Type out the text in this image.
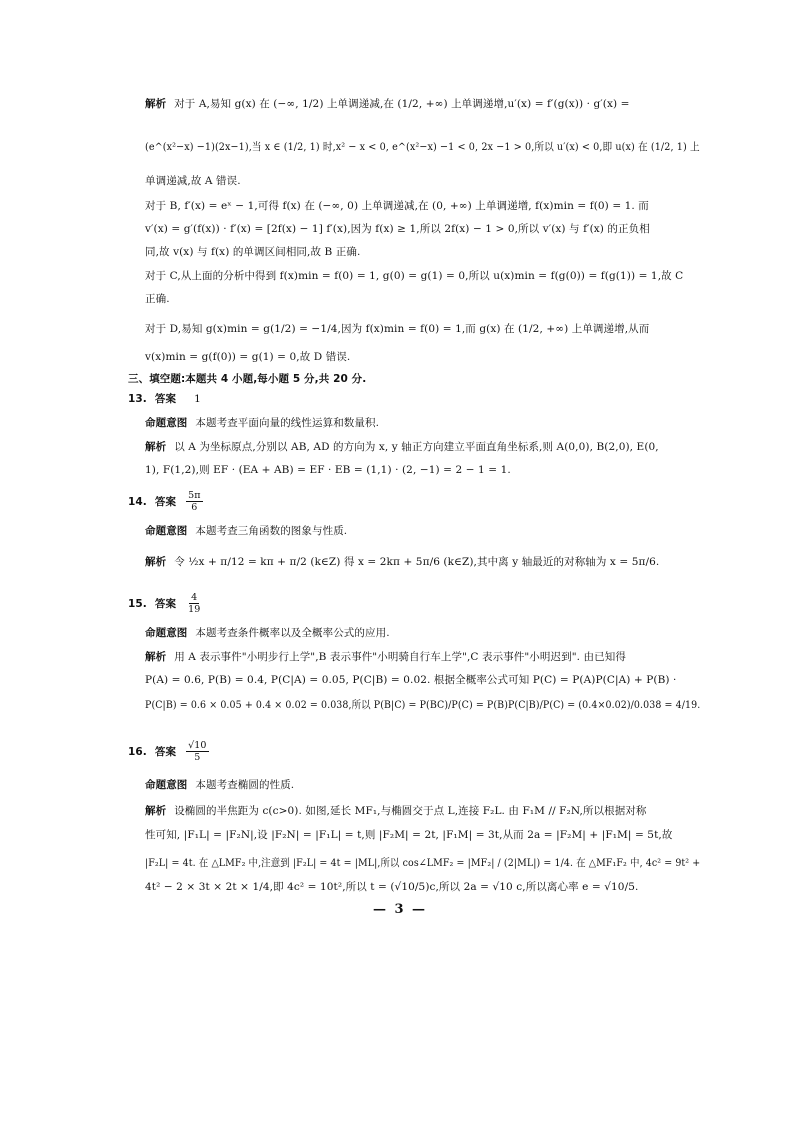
解析 对于 A,易知 g(x) 在 (−∞, 1/2) 上单调递减,在 (1/2, +∞) 上单调递增,u′(x) = f′(g(x)) · g′(x) =
(e^(x²−x) −1)(2x−1),当 x ∈ (1/2, 1) 时,x² − x < 0, e^(x²−x) −1 < 0, 2x −1 > 0,所以 u′(x) < 0,即 u(x) 在 (1/2, 1) 上
单调递减,故 A 错误.
对于 B, f′(x) = eˣ − 1,可得 f(x) 在 (−∞, 0) 上单调递减,在 (0, +∞) 上单调递增, f(x)min = f(0) = 1. 而
v′(x) = g′(f(x)) · f′(x) = [2f(x) − 1] f′(x),因为 f(x) ≥ 1,所以 2f(x) − 1 > 0,所以 v′(x) 与 f′(x) 的正负相
同,故 v(x) 与 f(x) 的单调区间相同,故 B 正确.
对于 C,从上面的分析中得到 f(x)min = f(0) = 1, g(0) = g(1) = 0,所以 u(x)min = f(g(0)) = f(g(1)) = 1,故 C
正确.
对于 D,易知 g(x)min = g(1/2) = −1/4,因为 f(x)min = f(0) = 1,而 g(x) 在 (1/2, +∞) 上单调递增,从而
v(x)min = g(f(0)) = g(1) = 0,故 D 错误.
三、填空题:本题共 4 小题,每小题 5 分,共 20 分.
13. 答案 1
命题意图 本题考查平面向量的线性运算和数量积.
解析 以 A 为坐标原点,分别以 AB, AD 的方向为 x, y 轴正方向建立平面直角坐标系,则 A(0,0), B(2,0), E(0,
1), F(1,2),则 EF · (EA + AB) = EF · EB = (1,1) · (2, −1) = 2 − 1 = 1.
14. 答案 $\frac{5\pi}{6}$
命题意图 本题考查三角函数的图象与性质.
解析 令 ½x + π/12 = kπ + π/2 (k∈Z) 得 x = 2kπ + 5π/6 (k∈Z),其中离 y 轴最近的对称轴为 x = 5π/6.
15. 答案 $\frac{4}{19}$
命题意图 本题考查条件概率以及全概率公式的应用.
解析 用 A 表示事件"小明步行上学",B 表示事件"小明骑自行车上学",C 表示事件"小明迟到". 由已知得
P(A) = 0.6, P(B) = 0.4, P(C|A) = 0.05, P(C|B) = 0.02. 根据全概率公式可知 P(C) = P(A)P(C|A) + P(B) ·
P(C|B) = 0.6 × 0.05 + 0.4 × 0.02 = 0.038,所以 P(B|C) = P(BC)/P(C) = P(B)P(C|B)/P(C) = (0.4×0.02)/0.038 = 4/19.
16. 答案 $\frac{√10}{5}$
命题意图 本题考查椭圆的性质.
解析 设椭圆的半焦距为 c(c>0). 如图,延长 MF₁,与椭圆交于点 L,连接 F₂L. 由 F₁M // F₂N,所以根据对称
性可知, |F₁L| = |F₂N|,设 |F₂N| = |F₁L| = t,则 |F₂M| = 2t, |F₁M| = 3t,从而 2a = |F₂M| + |F₁M| = 5t,故
|F₂L| = 4t. 在 △LMF₂ 中,注意到 |F₂L| = 4t = |ML|,所以 cos∠LMF₂ = |MF₂| / (2|ML|) = 1/4. 在 △MF₁F₂ 中, 4c² = 9t² +
4t² − 2 × 3t × 2t × 1/4,即 4c² = 10t²,所以 t = (√10/5)c,所以 2a = √10 c,所以离心率 e = √10/5.
— 3 —
